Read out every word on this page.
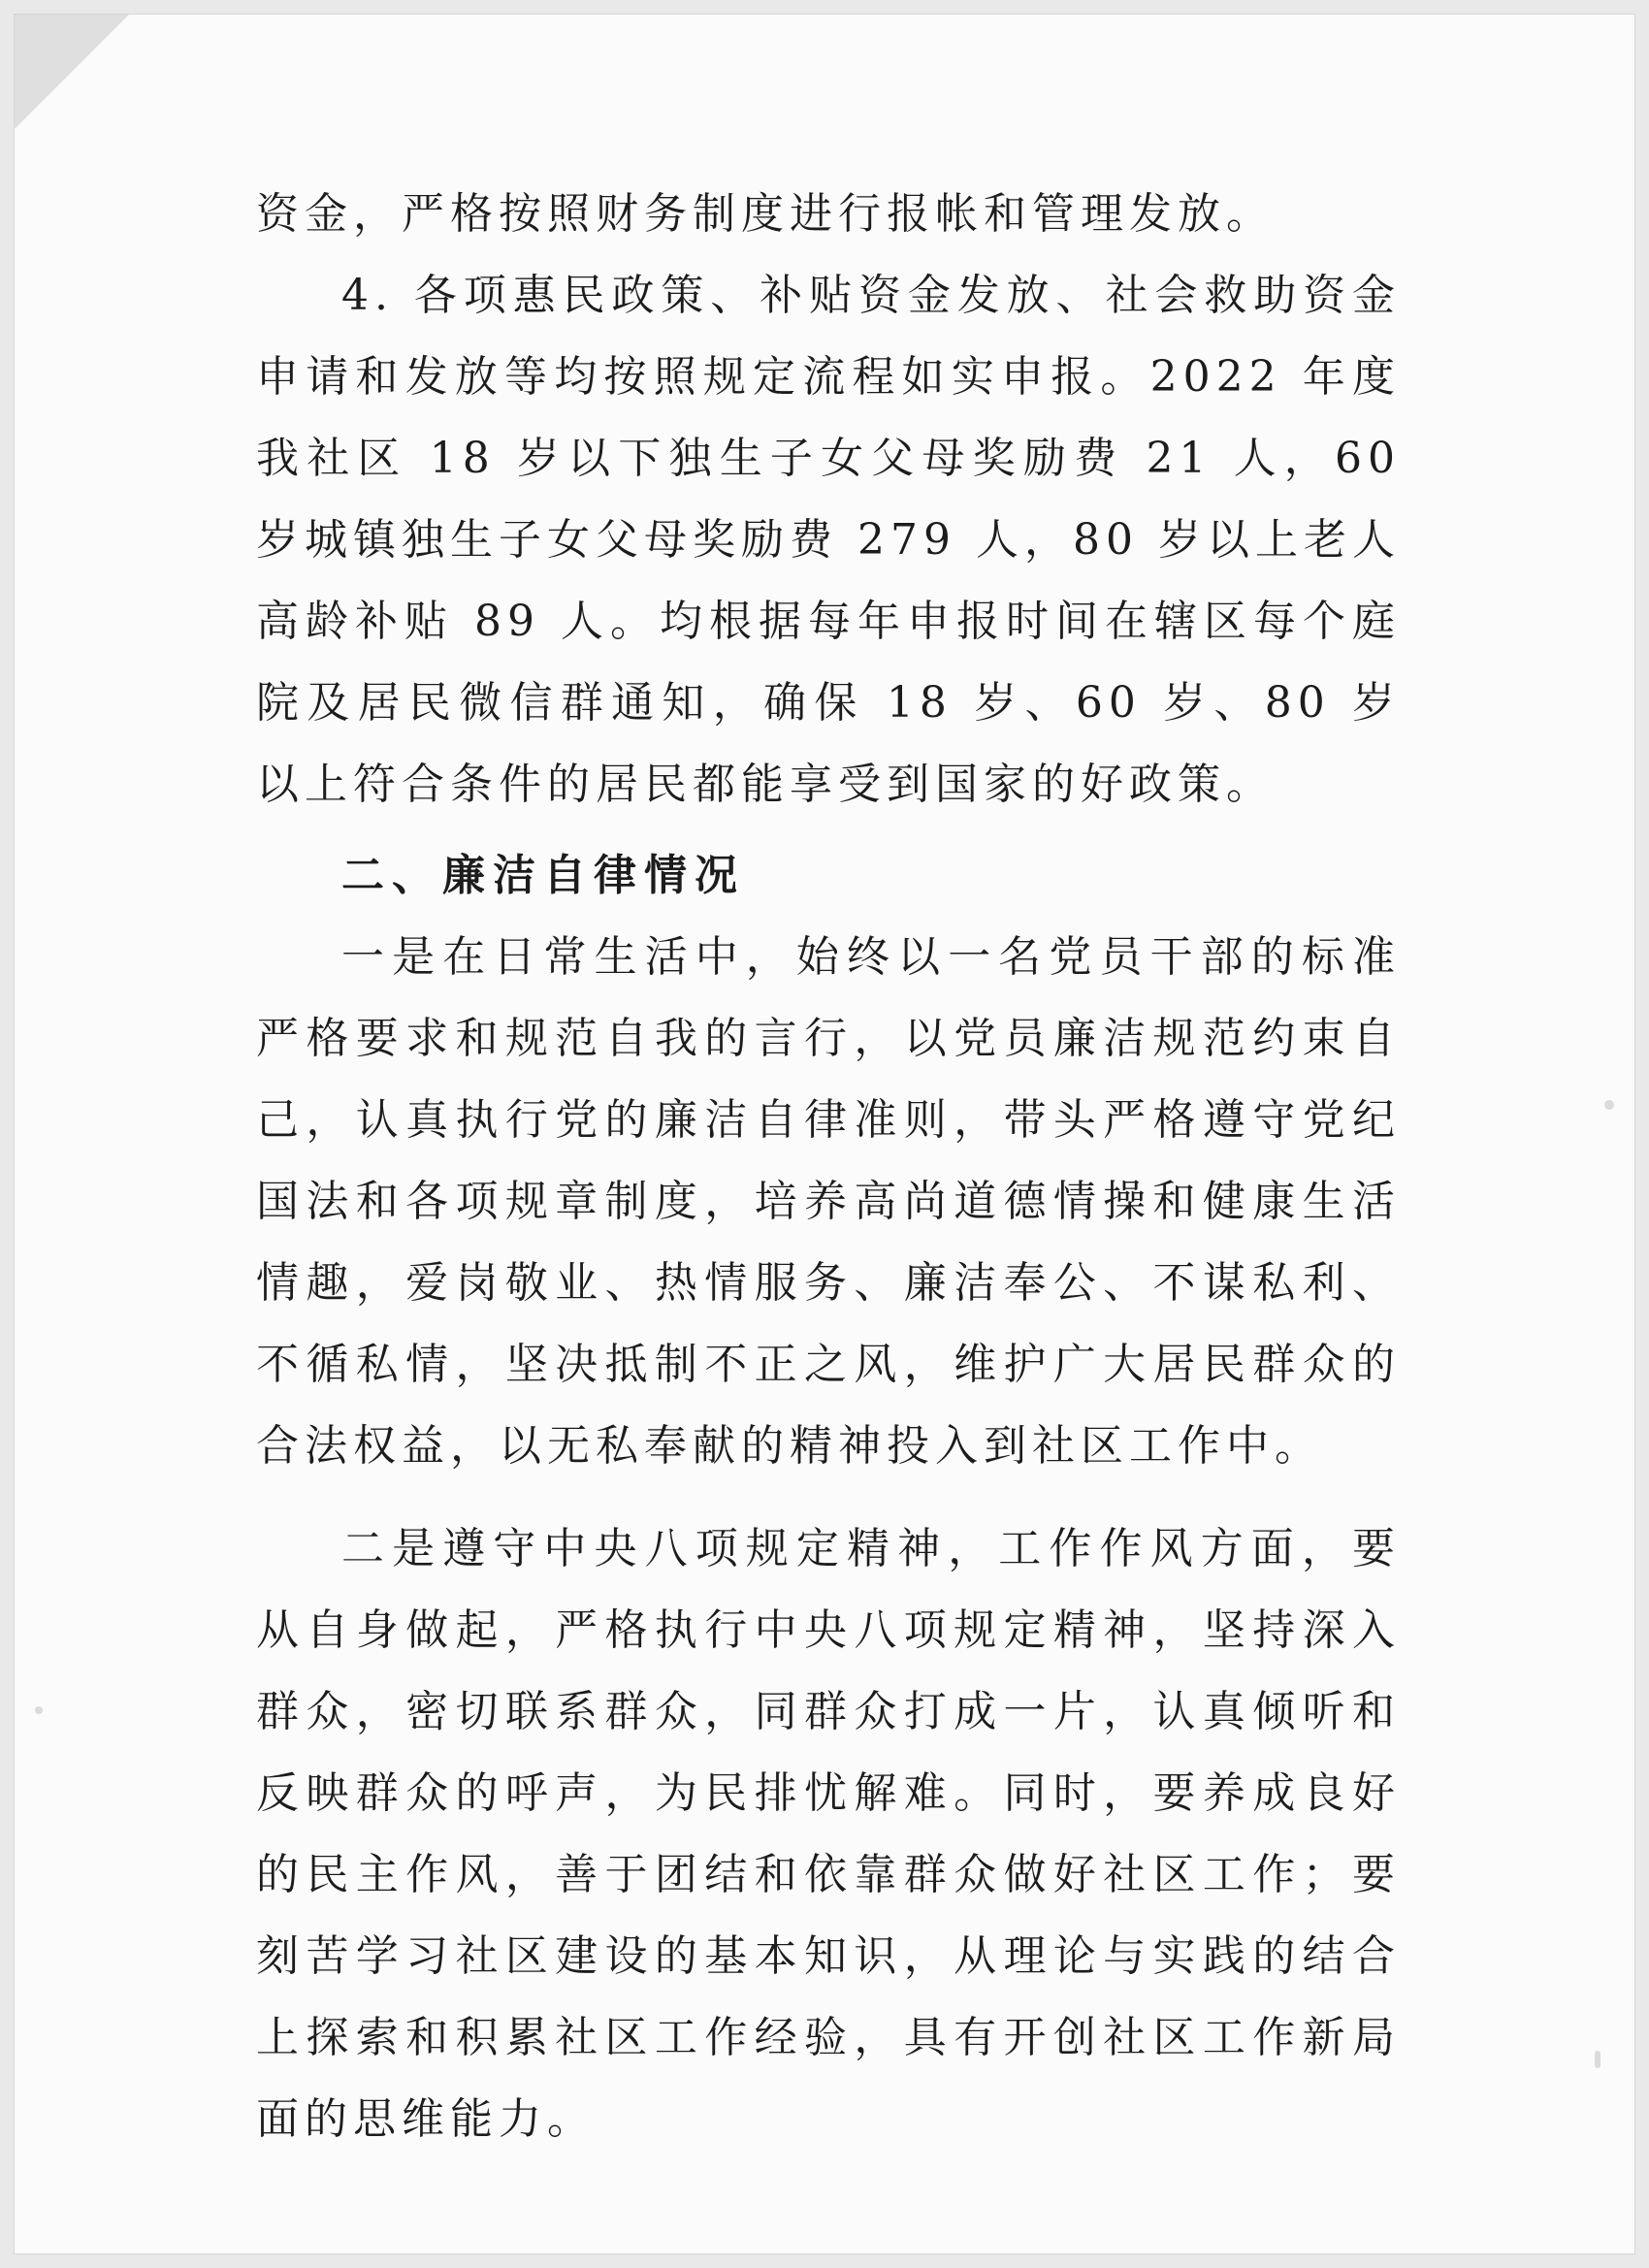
资金，严格按照财务制度进行报帐和管理发放。

4. 各项惠民政策、补贴资金发放、社会救助资金申请和发放等均按照规定流程如实申报。2022 年度我社区 18 岁以下独生子女父母奖励费 21 人，60 岁城镇独生子女父母奖励费 279 人，80 岁以上老人高龄补贴 89 人。均根据每年申报时间在辖区每个庭院及居民微信群通知，确保 18 岁、60 岁、80 岁以上符合条件的居民都能享受到国家的好政策。

二、廉洁自律情况

一是在日常生活中，始终以一名党员干部的标准严格要求和规范自我的言行，以党员廉洁规范约束自己，认真执行党的廉洁自律准则，带头严格遵守党纪国法和各项规章制度，培养高尚道德情操和健康生活情趣，爱岗敬业、热情服务、廉洁奉公、不谋私利、不循私情，坚决抵制不正之风，维护广大居民群众的合法权益，以无私奉献的精神投入到社区工作中。

二是遵守中央八项规定精神，工作作风方面，要从自身做起，严格执行中央八项规定精神，坚持深入群众，密切联系群众，同群众打成一片，认真倾听和反映群众的呼声，为民排忧解难。同时，要养成良好的民主作风，善于团结和依靠群众做好社区工作；要刻苦学习社区建设的基本知识，从理论与实践的结合上探索和积累社区工作经验，具有开创社区工作新局面的思维能力。
